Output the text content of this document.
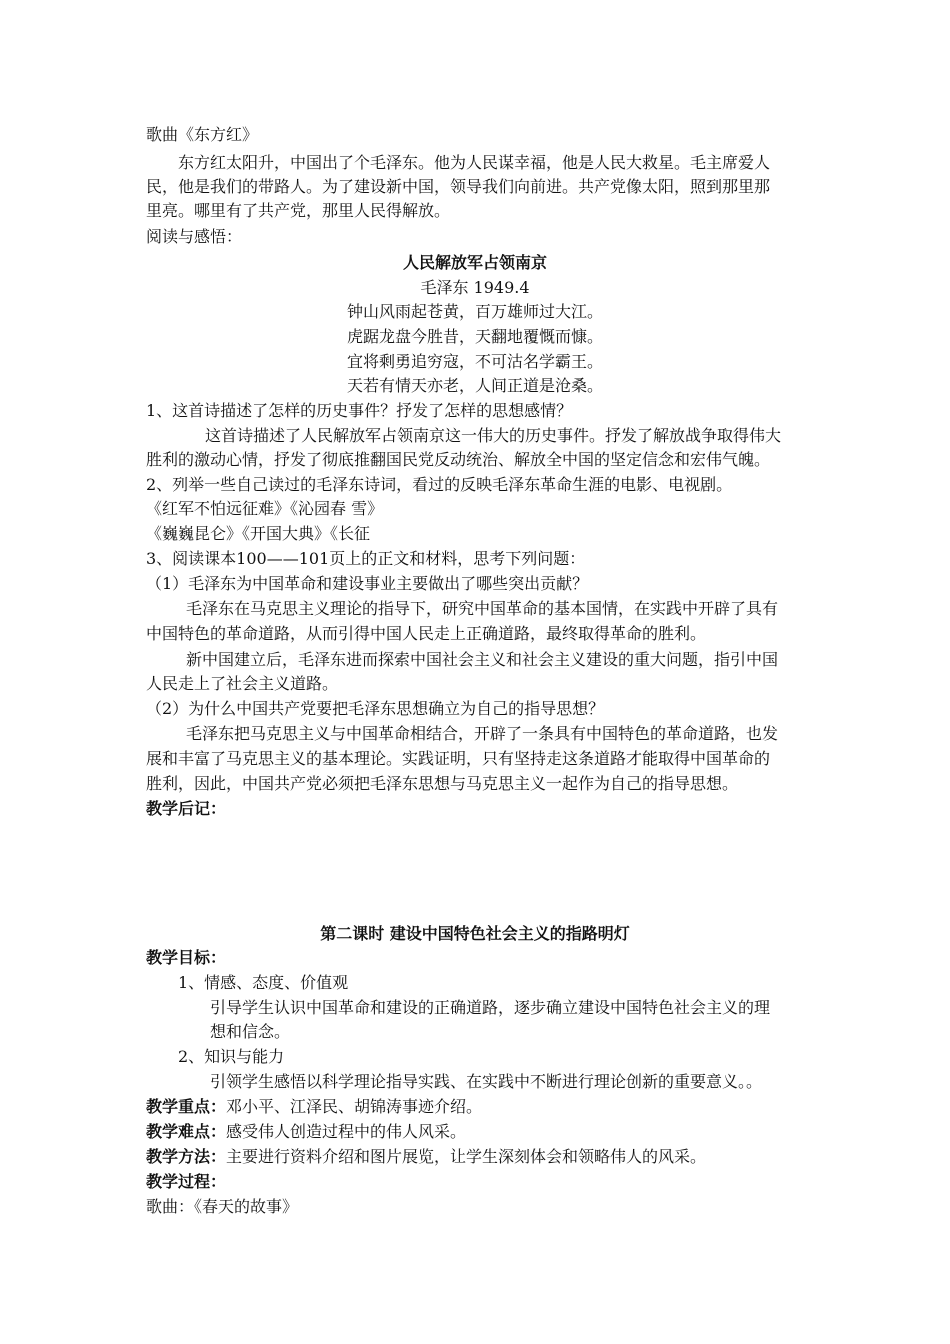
歌曲《东方红》
东方红太阳升，中国出了个毛泽东。他为人民谋幸福，他是人民大救星。毛主席爱人
民，他是我们的带路人。为了建设新中国，领导我们向前进。共产党像太阳，照到那里那
里亮。哪里有了共产党，那里人民得解放。
阅读与感悟：
人民解放军占领南京
毛泽东 1949.4
钟山风雨起苍黄，百万雄师过大江。
虎踞龙盘今胜昔，天翻地覆慨而慷。
宜将剩勇追穷寇，不可沽名学霸王。
天若有情天亦老，人间正道是沧桑。
1、这首诗描述了怎样的历史事件？抒发了怎样的思想感情？
这首诗描述了人民解放军占领南京这一伟大的历史事件。抒发了解放战争取得伟大
胜利的激动心情，抒发了彻底推翻国民党反动统治、解放全中国的坚定信念和宏伟气魄。
2、列举一些自己读过的毛泽东诗词，看过的反映毛泽东革命生涯的电影、电视剧。
《红军不怕远征难》《沁园春 雪》
《巍巍昆仑》《开国大典》《长征
3、阅读课本100——101页上的正文和材料，思考下列问题：
（1）毛泽东为中国革命和建设事业主要做出了哪些突出贡献？
毛泽东在马克思主义理论的指导下，研究中国革命的基本国情，在实践中开辟了具有
中国特色的革命道路，从而引得中国人民走上正确道路，最终取得革命的胜利。
新中国建立后，毛泽东进而探索中国社会主义和社会主义建设的重大问题，指引中国
人民走上了社会主义道路。
（2）为什么中国共产党要把毛泽东思想确立为自己的指导思想？
毛泽东把马克思主义与中国革命相结合，开辟了一条具有中国特色的革命道路，也发
展和丰富了马克思主义的基本理论。实践证明，只有坚持走这条道路才能取得中国革命的
胜利，因此，中国共产党必须把毛泽东思想与马克思主义一起作为自己的指导思想。
教学后记：
第二课时 建设中国特色社会主义的指路明灯
教学目标：
1、情感、态度、价值观
引导学生认识中国革命和建设的正确道路，逐步确立建设中国特色社会主义的理
想和信念。
2、知识与能力
引领学生感悟以科学理论指导实践、在实践中不断进行理论创新的重要意义。。
教学重点：邓小平、江泽民、胡锦涛事迹介绍。
教学难点：感受伟人创造过程中的伟人风采。
教学方法：主要进行资料介绍和图片展览，让学生深刻体会和领略伟人的风采。
教学过程：
歌曲：《春天的故事》
